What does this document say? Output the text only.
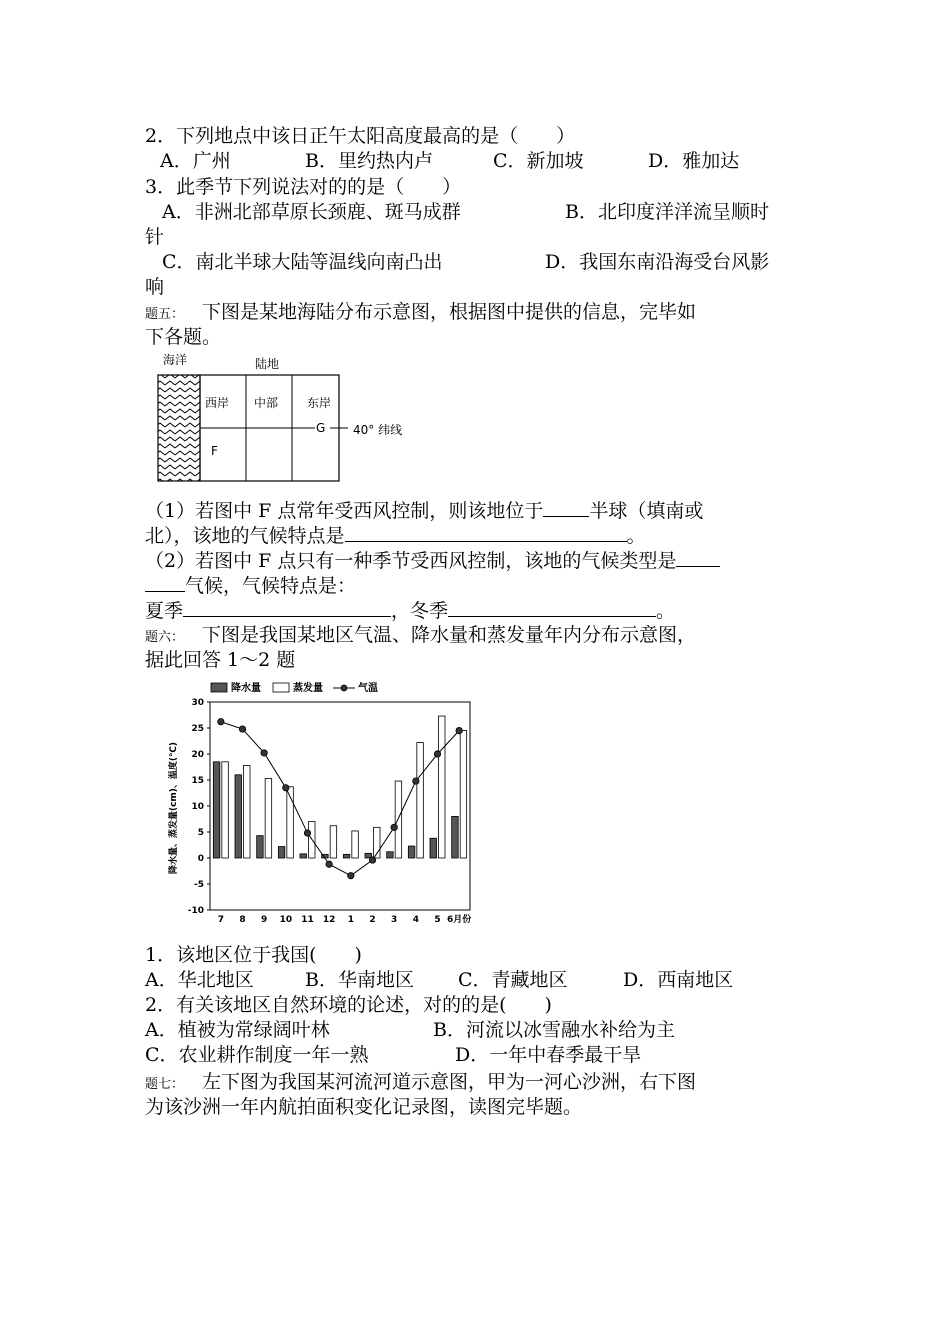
2．下列地点中该日正午太阳高度最高的是（　　）
A．广州	B．里约热内卢	C．新加坡	D．雅加达
3．此季节下列说法对的的是（　　）
A．非洲北部草原长颈鹿、斑马成群	B．北印度洋洋流呈顺时
针
C．南北半球大陆等温线向南凸出	D．我国东南沿海受台风影
响
题五： 下图是某地海陆分布示意图，根据图中提供的信息，完毕如
下各题。
海洋	陆地
西岸 中部 东岸
F
G 40° 纬线
（1）若图中 F 点常年受西风控制，则该地位于 半球（填南或
北），该地的气候特点是	。
（2）若图中 F 点只有一种季节受西风控制，该地的气候类型是
气候，气候特点是：
夏季	，冬季	。
题六： 下图是我国某地区气温、降水量和蒸发量年内分布示意图，
据此回答 1～2 题
降水量	蒸发量	气温
降水量、蒸发量(cm)、温度(℃)
-10
-5
0
5
10
15
20
25
30
7 8 9 10 11 12 1 2 3 4 5 6月份
1．该地区位于我国(　　)
A．华北地区	B．华南地区 C．青藏地区	D．西南地区
2．有关该地区自然环境的论述，对的的是(　　)
A．植被为常绿阔叶林	B．河流以冰雪融水补给为主
C．农业耕作制度一年一熟	D．一年中春季最干旱
题七： 左下图为我国某河流河道示意图，甲为一河心沙洲，右下图
为该沙洲一年内航拍面积变化记录图，读图完毕题。
